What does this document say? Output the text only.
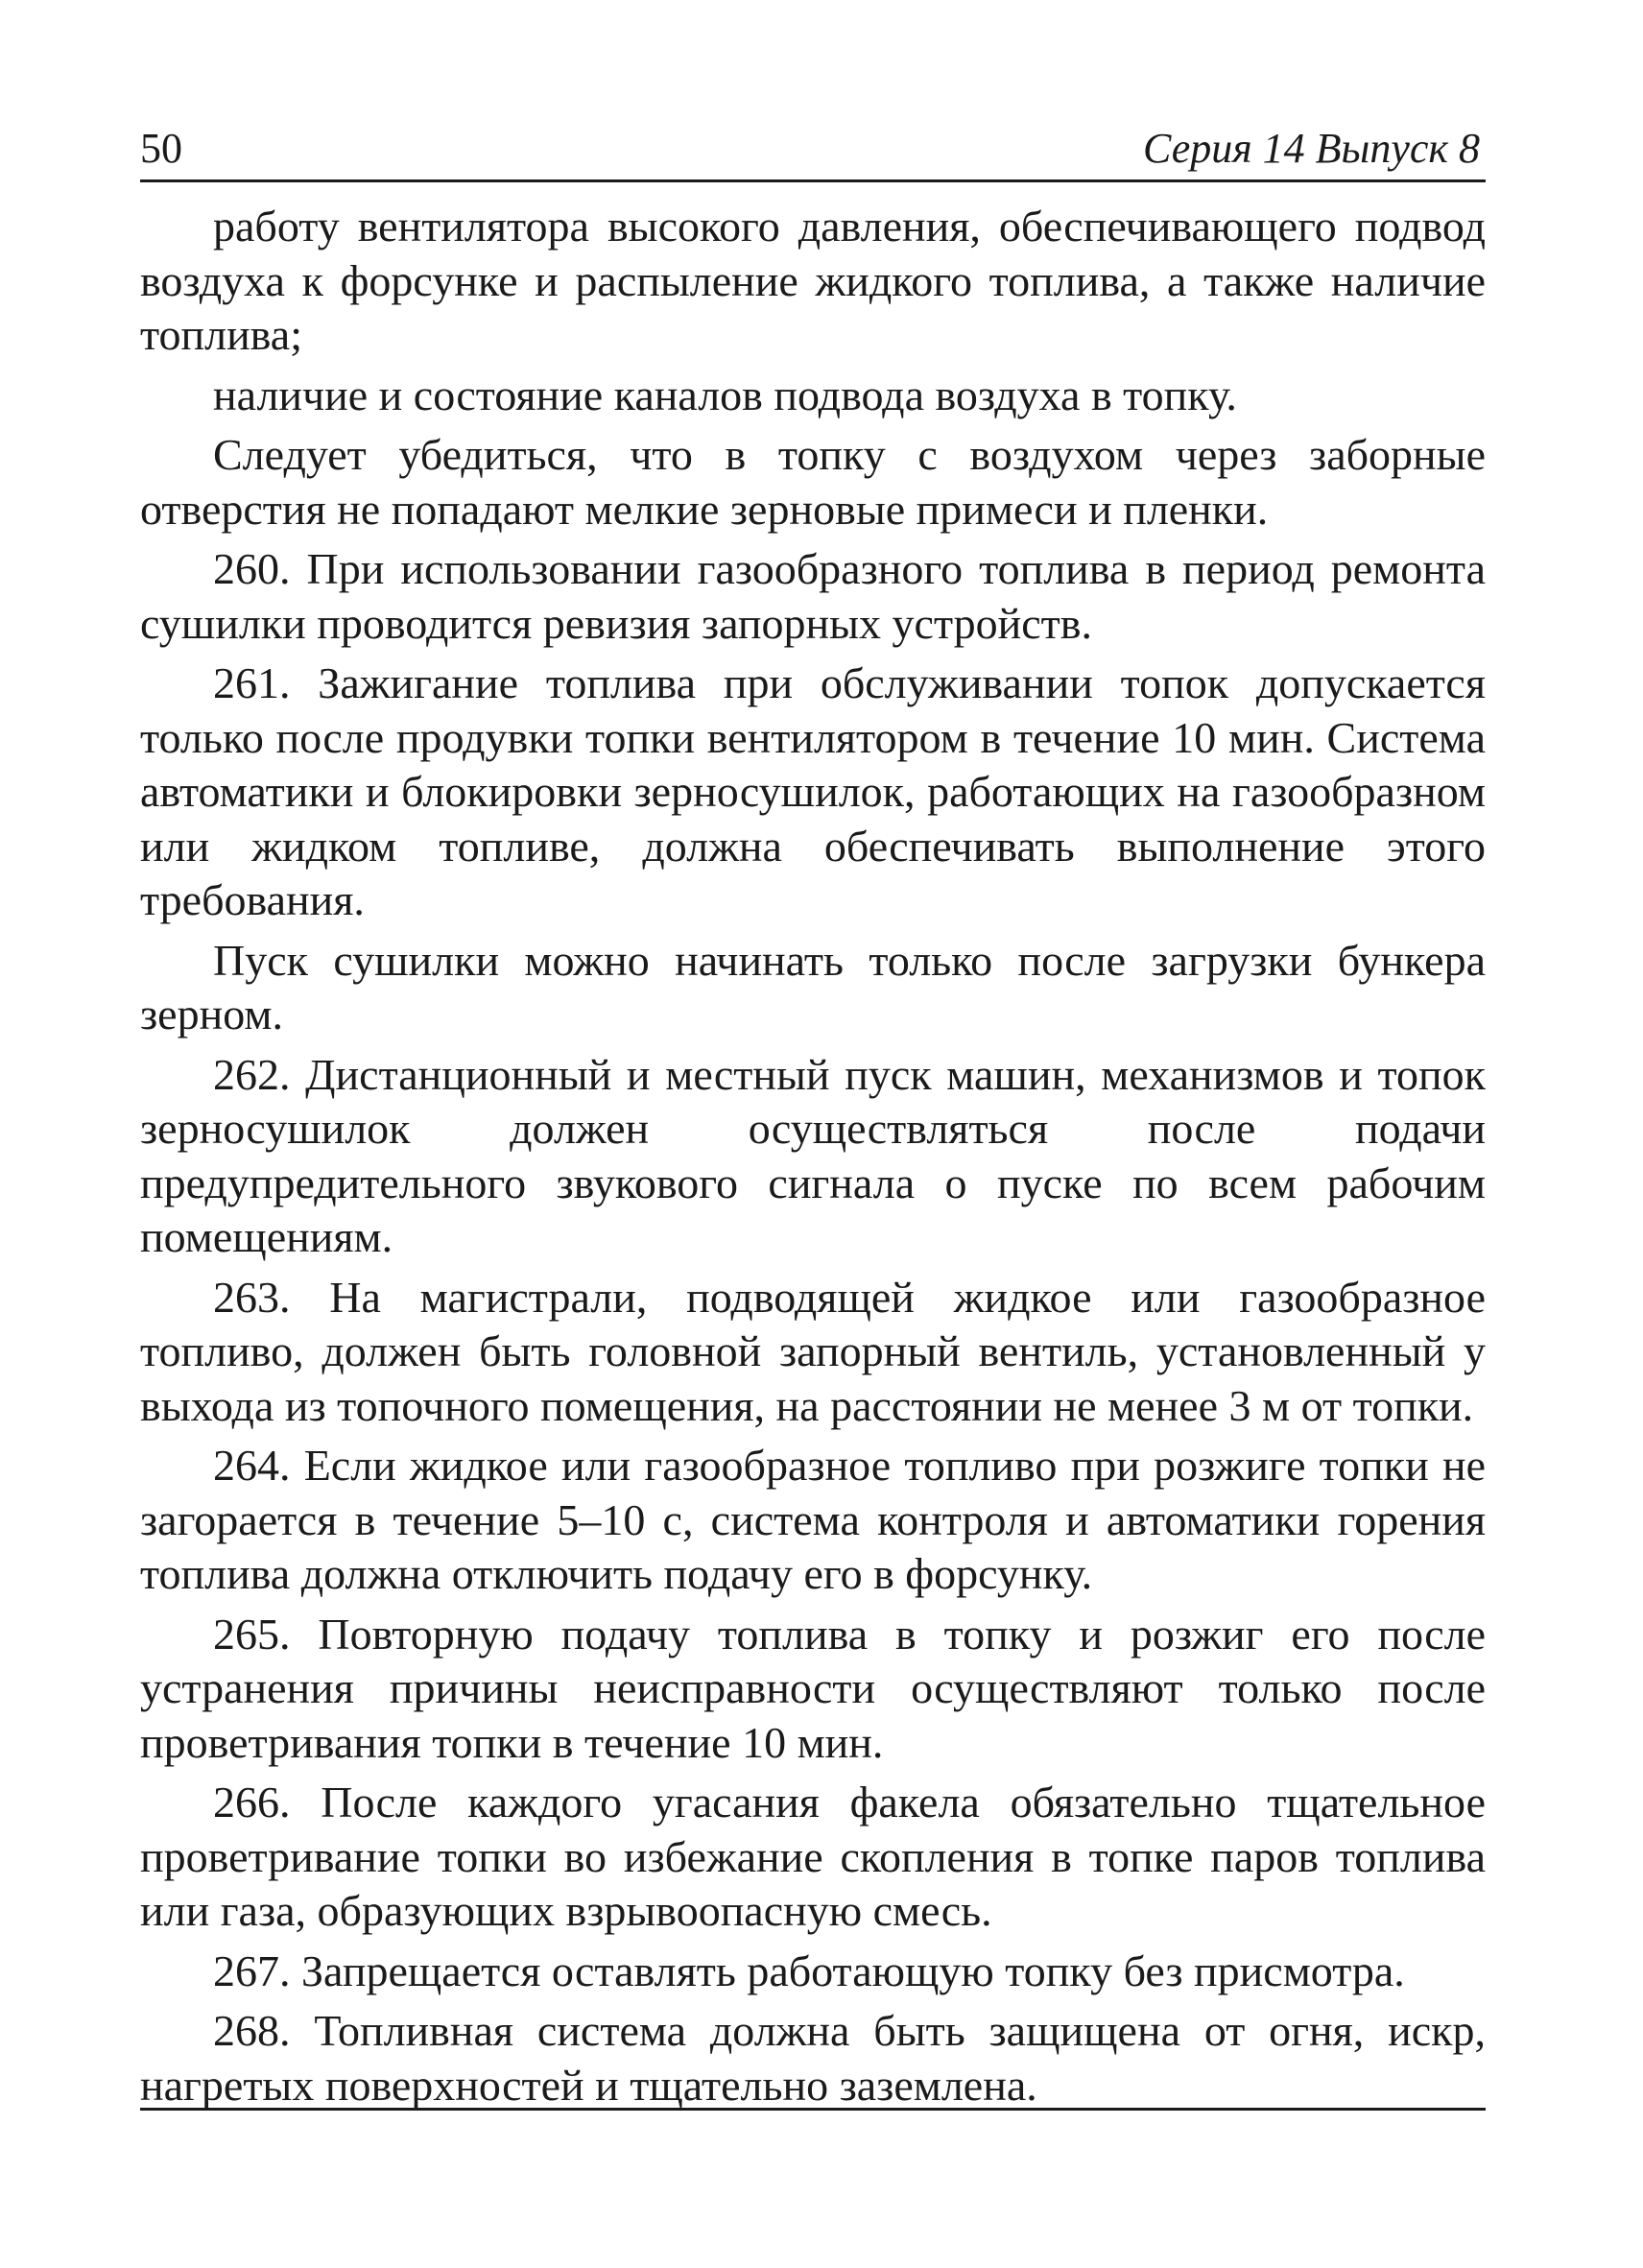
50	Серия 14 Выпуск 8

работу вентилятора высокого давления, обеспечивающего подвод воздуха к форсунке и распыление жидкого топлива, а также наличие топлива;

наличие и состояние каналов подвода воздуха в топку.

Следует убедиться, что в топку с воздухом через заборные отверстия не попадают мелкие зерновые примеси и пленки.

260. При использовании газообразного топлива в период ремонта сушилки проводится ревизия запорных устройств.

261. Зажигание топлива при обслуживании топок допускается только после продувки топки вентилятором в течение 10 мин. Система автоматики и блокировки зерносушилок, работающих на газообразном или жидком топливе, должна обеспечивать выполнение этого требования.

Пуск сушилки можно начинать только после загрузки бункера зерном.

262. Дистанционный и местный пуск машин, механизмов и топок зерносушилок должен осуществляться после подачи предупредительного звукового сигнала о пуске по всем рабочим помещениям.

263. На магистрали, подводящей жидкое или газообразное топливо, должен быть головной запорный вентиль, установленный у выхода из топочного помещения, на расстоянии не менее 3 м от топки.

264. Если жидкое или газообразное топливо при розжиге топки не загорается в течение 5–10 с, система контроля и автоматики горения топлива должна отключить подачу его в форсунку.

265. Повторную подачу топлива в топку и розжиг его после устранения причины неисправности осуществляют только после проветривания топки в течение 10 мин.

266. После каждого угасания факела обязательно тщательное проветривание топки во избежание скопления в топке паров топлива или газа, образующих взрывоопасную смесь.

267. Запрещается оставлять работающую топку без присмотра.

268. Топливная система должна быть защищена от огня, искр, нагретых поверхностей и тщательно заземлена.
